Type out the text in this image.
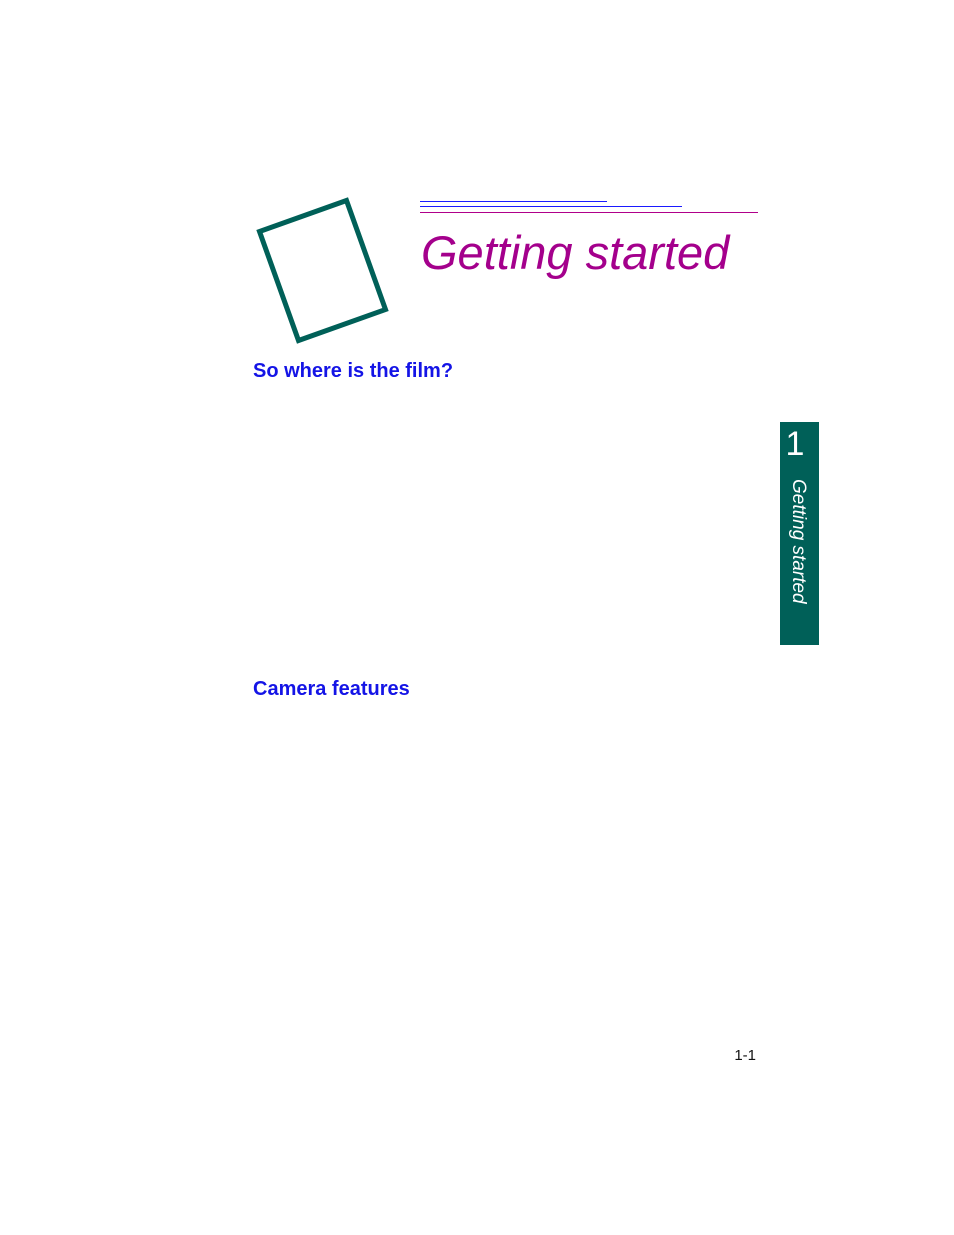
Getting started
So where is the film?
Camera features
1
Getting started
1-1
